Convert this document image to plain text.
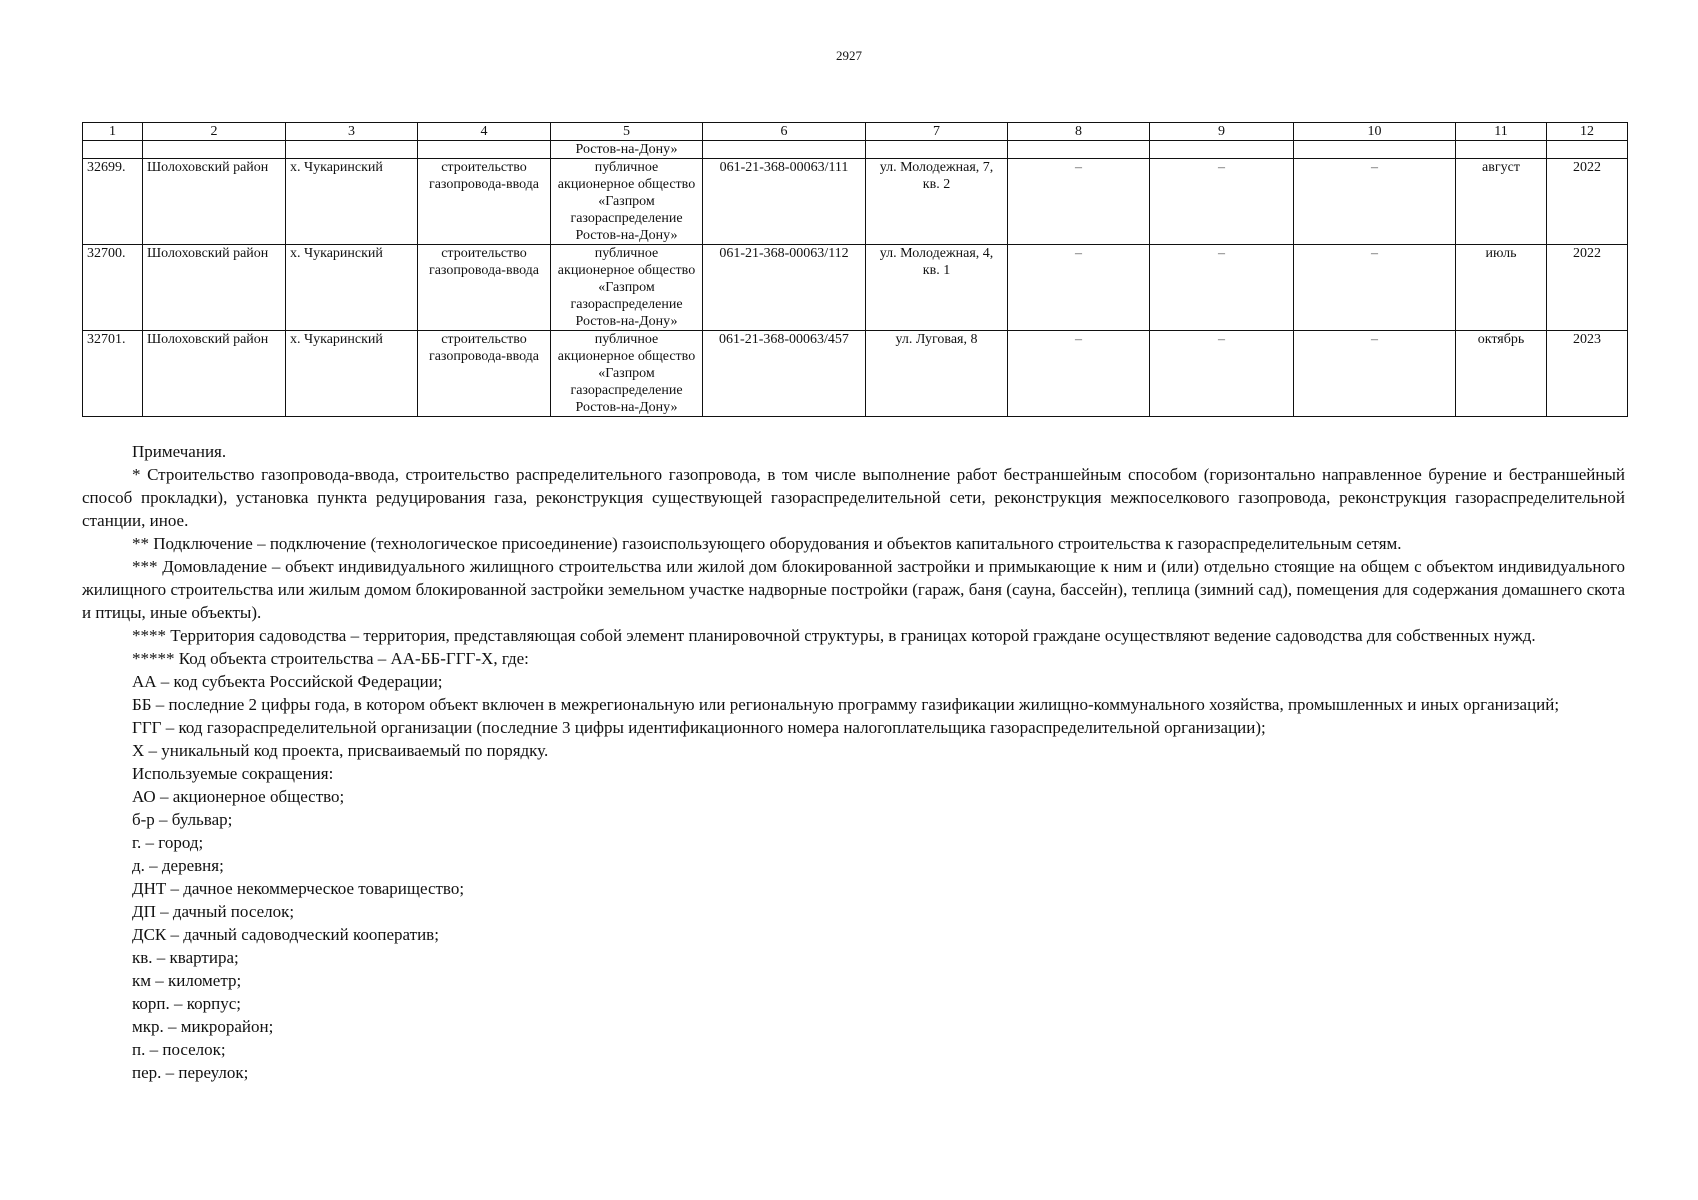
2927
1	2	3	4	5	6	7	8	9	10	11	12
				Ростов-на-Дону»							
32699.	Шолоховский район	х. Чукаринский	строительство газопровода-ввода	публичное акционерное общество «Газпром газораспределение Ростов-на-Дону»	061-21-368-00063/111	ул. Молодежная, 7, кв. 2	–	–	–	август	2022
32700.	Шолоховский район	х. Чукаринский	строительство газопровода-ввода	публичное акционерное общество «Газпром газораспределение Ростов-на-Дону»	061-21-368-00063/112	ул. Молодежная, 4, кв. 1	–	–	–	июль	2022
32701.	Шолоховский район	х. Чукаринский	строительство газопровода-ввода	публичное акционерное общество «Газпром газораспределение Ростов-на-Дону»	061-21-368-00063/457	ул. Луговая, 8	–	–	–	октябрь	2023

Примечания.

* Строительство газопровода-ввода, строительство распределительного газопровода, в том числе выполнение работ бестраншейным способом (горизонтально направленное бурение и бестраншейный способ прокладки), установка пункта редуцирования газа, реконструкция существующей газораспределительной сети, реконструкция межпоселкового газопровода, реконструкция газораспределительной станции, иное.

** Подключение – подключение (технологическое присоединение) газоиспользующего оборудования и объектов капитального строительства к газораспределительным сетям.

*** Домовладение – объект индивидуального жилищного строительства или жилой дом блокированной застройки и примыкающие к ним и (или) отдельно стоящие на общем с объектом индивидуального жилищного строительства или жилым домом блокированной застройки земельном участке надворные постройки (гараж, баня (сауна, бассейн), теплица (зимний сад), помещения для содержания домашнего скота и птицы, иные объекты).

**** Территория садоводства – территория, представляющая собой элемент планировочной структуры, в границах которой граждане осуществляют ведение садоводства для собственных нужд.

***** Код объекта строительства – АА-ББ-ГГГ-Х, где:

АА – код субъекта Российской Федерации;

ББ – последние 2 цифры года, в котором объект включен в межрегиональную или региональную программу газификации жилищно-коммунального хозяйства, промышленных и иных организаций;

ГГГ – код газораспределительной организации (последние 3 цифры идентификационного номера налогоплательщика газораспределительной организации);

Х – уникальный код проекта, присваиваемый по порядку.

Используемые сокращения:

АО – акционерное общество;

б-р – бульвар;

г. – город;

д. – деревня;

ДНТ – дачное некоммерческое товарищество;

ДП – дачный поселок;

ДСК – дачный садоводческий кооператив;

кв. – квартира;

км – километр;

корп. – корпус;

мкр. – микрорайон;

п. – поселок;

пер. – переулок;
